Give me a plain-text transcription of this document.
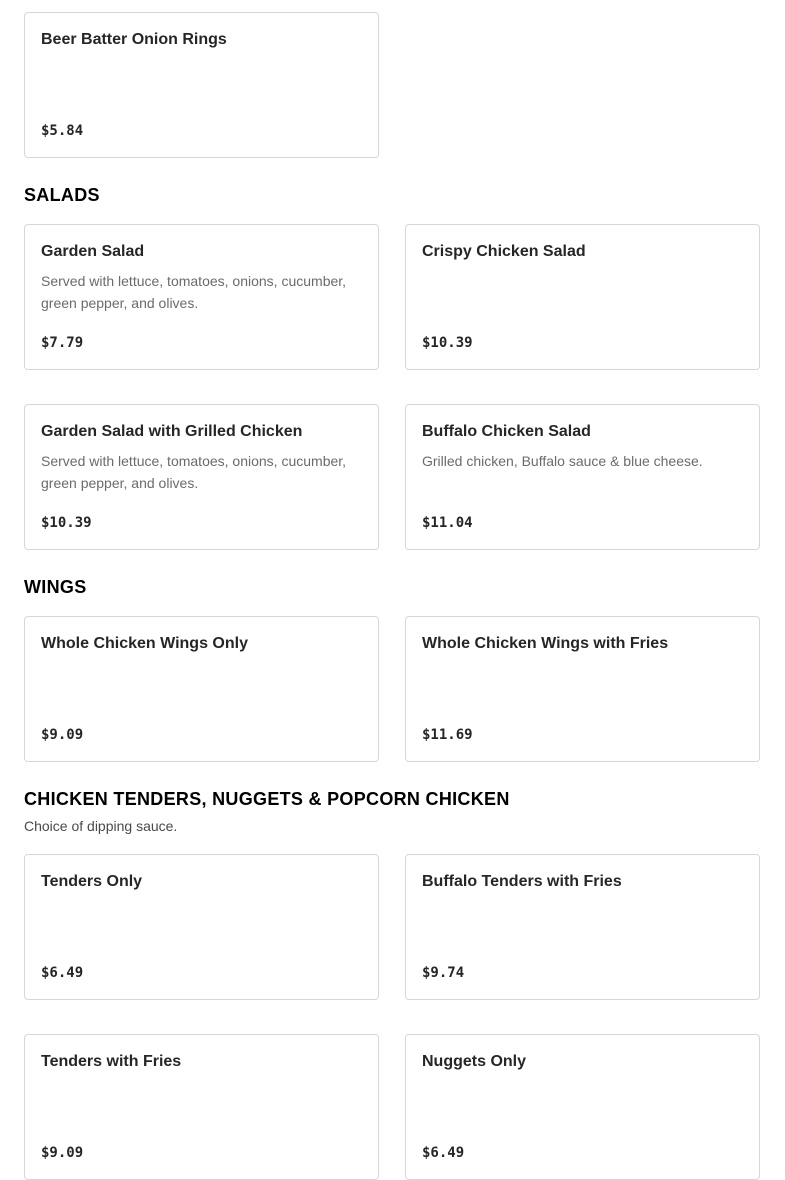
Beer Batter Onion Rings
$5.84
SALADS
Garden Salad
Served with lettuce, tomatoes, onions, cucumber, green pepper, and olives.
$7.79
Crispy Chicken Salad
$10.39
Garden Salad with Grilled Chicken
Served with lettuce, tomatoes, onions, cucumber, green pepper, and olives.
$10.39
Buffalo Chicken Salad
Grilled chicken, Buffalo sauce & blue cheese.
$11.04
WINGS
Whole Chicken Wings Only
$9.09
Whole Chicken Wings with Fries
$11.69
CHICKEN TENDERS, NUGGETS & POPCORN CHICKEN
Choice of dipping sauce.
Tenders Only
$6.49
Buffalo Tenders with Fries
$9.74
Tenders with Fries
$9.09
Nuggets Only
$6.49
